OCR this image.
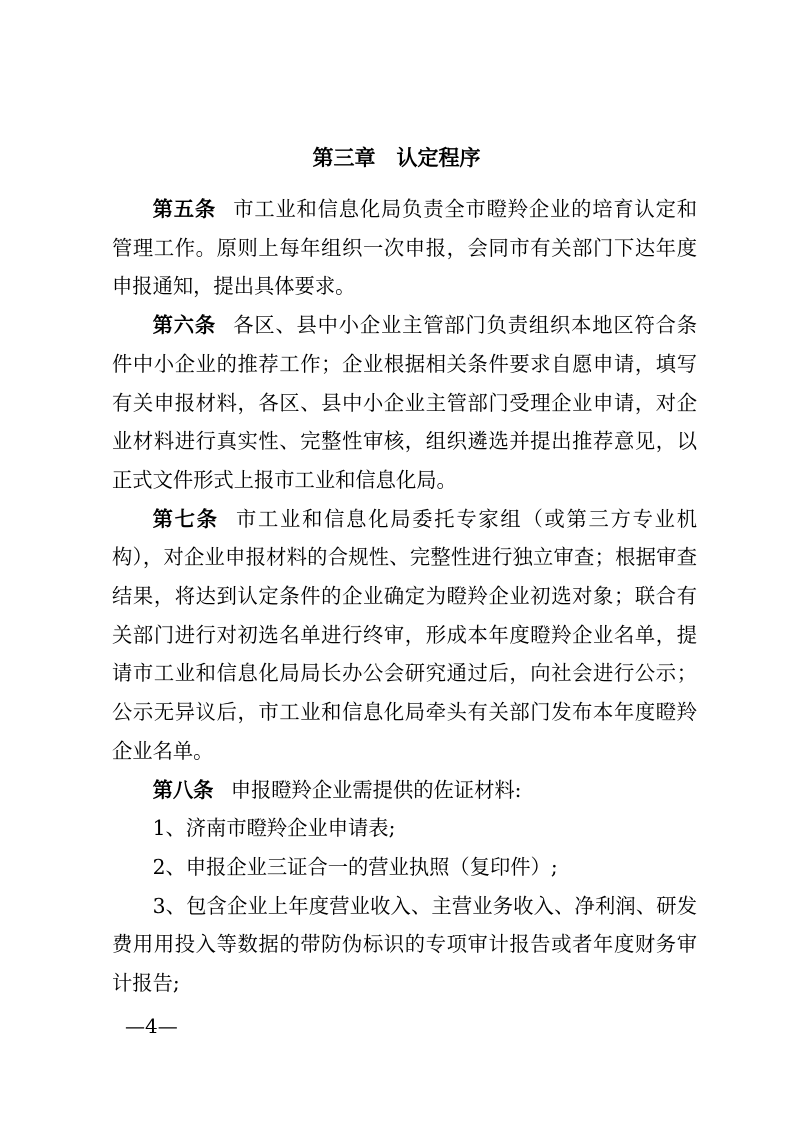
第三章　认定程序

第五条 市工业和信息化局负责全市瞪羚企业的培育认定和管理工作。原则上每年组织一次申报，会同市有关部门下达年度申报通知，提出具体要求。

第六条 各区、县中小企业主管部门负责组织本地区符合条件中小企业的推荐工作；企业根据相关条件要求自愿申请，填写有关申报材料，各区、县中小企业主管部门受理企业申请，对企业材料进行真实性、完整性审核，组织遴选并提出推荐意见，以正式文件形式上报市工业和信息化局。

第七条 市工业和信息化局委托专家组（或第三方专业机构），对企业申报材料的合规性、完整性进行独立审查；根据审查结果，将达到认定条件的企业确定为瞪羚企业初选对象；联合有关部门进行对初选名单进行终审，形成本年度瞪羚企业名单，提请市工业和信息化局局长办公会研究通过后，向社会进行公示；公示无异议后，市工业和信息化局牵头有关部门发布本年度瞪羚企业名单。

第八条 申报瞪羚企业需提供的佐证材料:

1、济南市瞪羚企业申请表;

2、申报企业三证合一的营业执照（复印件）;

3、包含企业上年度营业收入、主营业务收入、净利润、研发费用用投入等数据的带防伪标识的专项审计报告或者年度财务审计报告;

—4—
